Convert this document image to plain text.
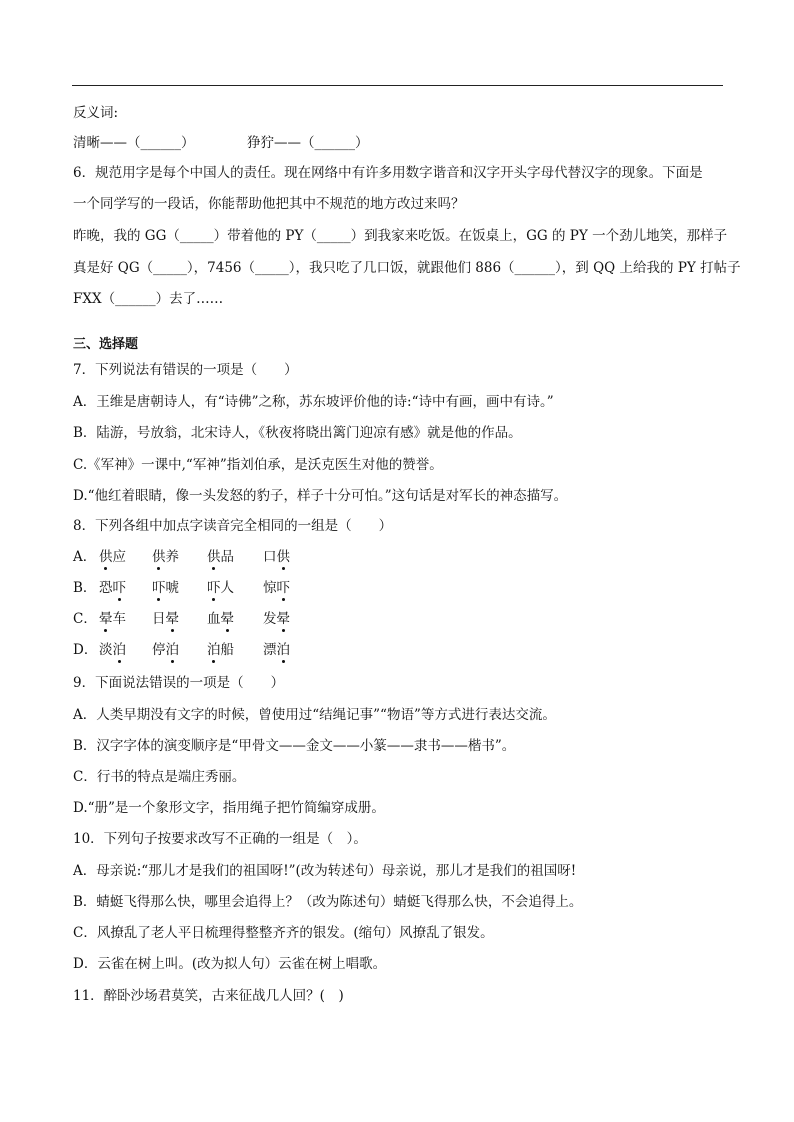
反义词:
清晰——（______）	狰狞——（______）
6．规范用字是每个中国人的责任。现在网络中有许多用数字谐音和汉字开头字母代替汉字的现象。下面是
一个同学写的一段话，你能帮助他把其中不规范的地方改过来吗？
昨晚，我的 GG（_____）带着他的 PY（_____）到我家来吃饭。在饭桌上，GG 的 PY 一个劲儿地笑，那样子
真是好 QG（_____），7456（_____），我只吃了几口饭，就跟他们 886（______），到 QQ 上给我的 PY 打帖子
FXX（______）去了……
三、选择题
7．下列说法有错误的一项是（　　）
A．王维是唐朝诗人，有“诗佛”之称，苏东坡评价他的诗:“诗中有画，画中有诗。”
B．陆游，号放翁，北宋诗人，《秋夜将晓出篱门迎凉有感》就是他的作品。
C.《军神》一课中,“军神”指刘伯承，是沃克医生对他的赞誉。
D.“他红着眼睛，像一头发怒的豹子，样子十分可怕。”这句话是对军长的神态描写。
8．下列各组中加点字读音完全相同的一组是（　　）
A． 供应 供养 供品 口供
B． 恐吓 吓唬 吓人 惊吓
C． 晕车 日晕 血晕 发晕
D． 淡泊 停泊 泊船 漂泊
9．下面说法错误的一项是（　　）
A．人类早期没有文字的时候，曾使用过“结绳记事”“物语”等方式进行表达交流。
B．汉字字体的演变顺序是“甲骨文——金文——小篆——隶书——楷书”。
C．行书的特点是端庄秀丽。
D.“册”是一个象形文字，指用绳子把竹简编穿成册。
10．下列句子按要求改写不正确的一组是（　）。
A．母亲说:“那儿才是我们的祖国呀!”(改为转述句）母亲说，那儿才是我们的祖国呀!
B．蜻蜓飞得那么快，哪里会追得上？（改为陈述句）蜻蜓飞得那么快，不会追得上。
C．风撩乱了老人平日梳理得整整齐齐的银发。(缩句）风撩乱了银发。
D．云雀在树上叫。(改为拟人句）云雀在树上唱歌。
11．醉卧沙场君莫笑，古来征战几人回？(　)
